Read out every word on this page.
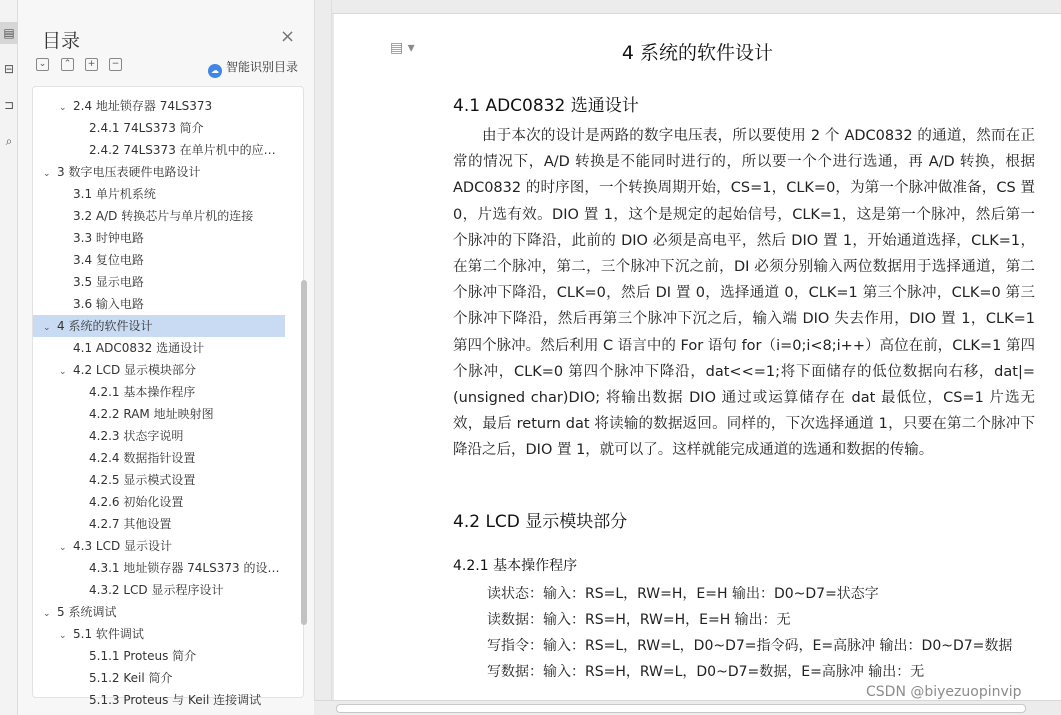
▤
⊟
⊐
⌕
目录	×
⌄	⌃	+	−
☁ 智能识别目录
5.1.3 Proteus 与 Keil 连接调试
5.1.2 Keil 简介
5.1.1 Proteus 简介
⌄ 5.1 软件调试
⌄ 5 系统调试
4.3.2 LCD 显示程序设计
4.3.1 地址锁存器 74LS373 的设…
⌄ 4.3 LCD 显示设计
4.2.7 其他设置
4.2.6 初始化设置
4.2.5 显示模式设置
4.2.4 数据指针设置
4.2.3 状态字说明
4.2.2 RAM 地址映射图
4.2.1 基本操作程序
⌄ 4.2 LCD 显示模块部分
4.1 ADC0832 选通设计
⌄ 4 系统的软件设计
3.6 输入电路
3.5 显示电路
3.4 复位电路
3.3 时钟电路
3.2 A/D 转换芯片与单片机的连接
3.1 单片机系统
⌄ 3 数字电压表硬件电路设计
2.4.2 74LS373 在单片机中的应…
2.4.1 74LS373 简介
⌄ 2.4 地址锁存器 74LS373
▤ ▾	4 系统的软件设计
4.1 ADC0832 选通设计
由于本次的设计是两路的数字电压表，所以要使用 2 个 ADC0832 的通道，然而在正常的情况下，A/D 转换是不能同时进行的，所以要一个个进行选通，再 A/D 转换，根据 ADC0832 的时序图，一个转换周期开始，CS=1，CLK=0，为第一个脉冲做准备，CS 置 0，片选有效。DIO 置 1，这个是规定的起始信号，CLK=1，这是第一个脉冲，然后第一个脉冲的下降沿，此前的 DIO 必须是高电平，然后 DIO 置 1，开始通道选择，CLK=1，在第二个脉冲，第二，三个脉冲下沉之前，DI 必须分别输入两位数据用于选择通道，第二个脉冲下降沿，CLK=0，然后 DI 置 0，选择通道 0，CLK=1 第三个脉冲，CLK=0 第三个脉冲下降沿，然后再第三个脉冲下沉之后，输入端 DIO 失去作用，DIO 置 1，CLK=1 第四个脉冲。然后利用 C 语言中的 For 语句 for（i=0;i<8;i++）高位在前，CLK=1 第四个脉冲，CLK=0 第四个脉冲下降沿，dat<<=1;将下面储存的低位数据向右移，dat|=(unsigned char)DIO; 将输出数据 DIO 通过或运算储存在 dat 最低位，CS=1 片选无效，最后 return dat 将读输的数据返回。同样的，下次选择通道 1，只要在第二个脉冲下降沿之后，DIO 置 1，就可以了。这样就能完成通道的选通和数据的传输。
4.2 LCD 显示模块部分
4.2.1 基本操作程序
读状态：输入：RS=L，RW=H，E=H 输出：D0~D7=状态字
读数据：输入：RS=H，RW=H，E=H 输出：无
写指令：输入：RS=L，RW=L，D0~D7=指令码，E=高脉冲 输出：D0~D7=数据
写数据：输入：RS=H，RW=L，D0~D7=数据，E=高脉冲 输出：无
CSDN @biyezuopinvip
